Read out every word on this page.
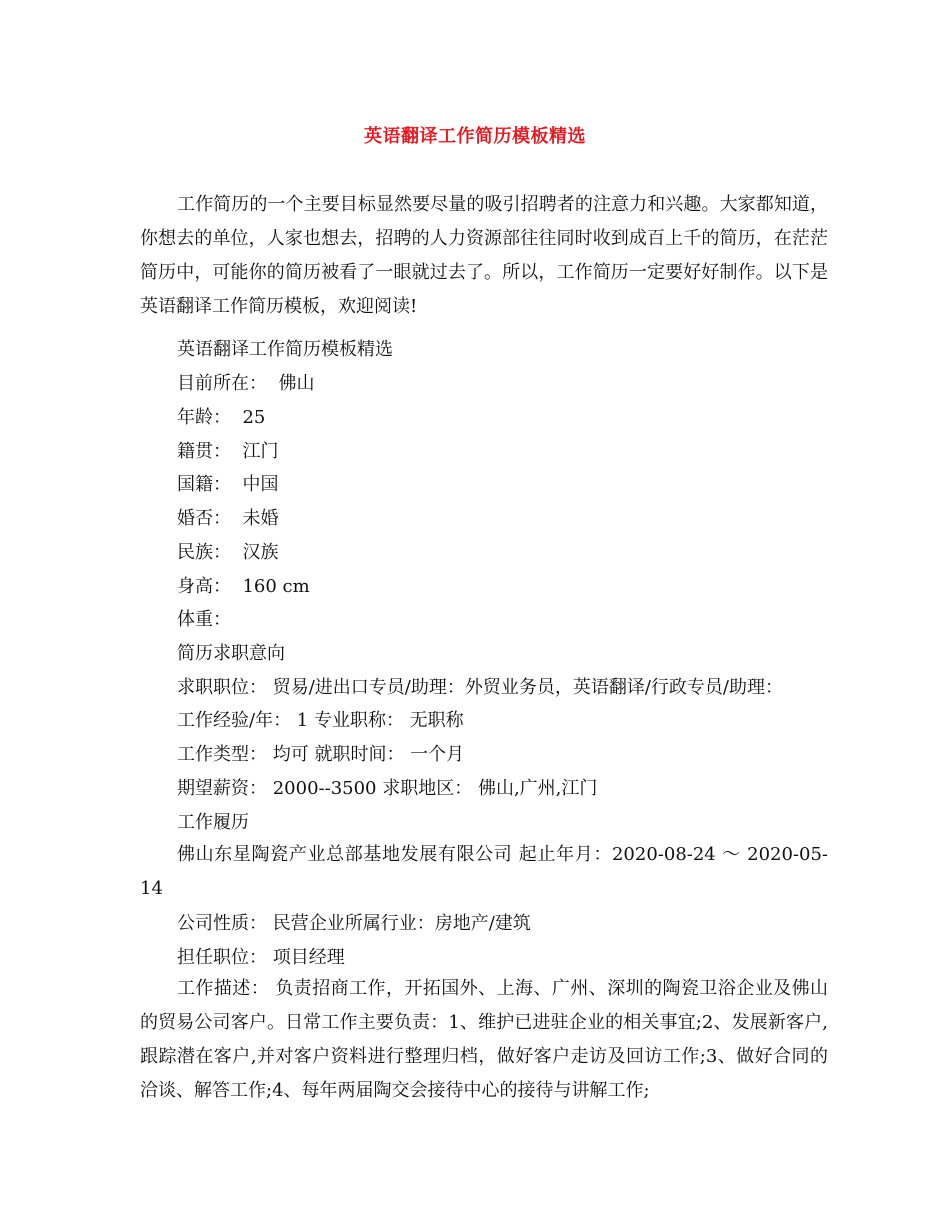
英语翻译工作简历模板精选

工作简历的一个主要目标显然要尽量的吸引招聘者的注意力和兴趣。大家都知道，你想去的单位，人家也想去，招聘的人力资源部往往同时收到成百上千的简历，在茫茫简历中，可能你的简历被看了一眼就过去了。所以，工作简历一定要好好制作。以下是英语翻译工作简历模板，欢迎阅读!

英语翻译工作简历模板精选

目前所在： 佛山

年龄： 25

籍贯： 江门

国籍： 中国

婚否： 未婚

民族： 汉族

身高： 160 cm

体重：

简历求职意向

求职职位： 贸易/进出口专员/助理：外贸业务员，英语翻译/行政专员/助理：

工作经验/年： 1 专业职称： 无职称

工作类型： 均可 就职时间： 一个月

期望薪资： 2000--3500 求职地区： 佛山,广州,江门

工作履历

佛山东星陶瓷产业总部基地发展有限公司 起止年月：2020-08-24 ～ 2020-05-14

公司性质： 民营企业所属行业：房地产/建筑

担任职位： 项目经理

工作描述： 负责招商工作，开拓国外、上海、广州、深圳的陶瓷卫浴企业及佛山的贸易公司客户。日常工作主要负责：1、维护已进驻企业的相关事宜;2、发展新客户,跟踪潜在客户,并对客户资料进行整理归档，做好客户走访及回访工作;3、做好合同的洽谈、解答工作;4、每年两届陶交会接待中心的接待与讲解工作;
